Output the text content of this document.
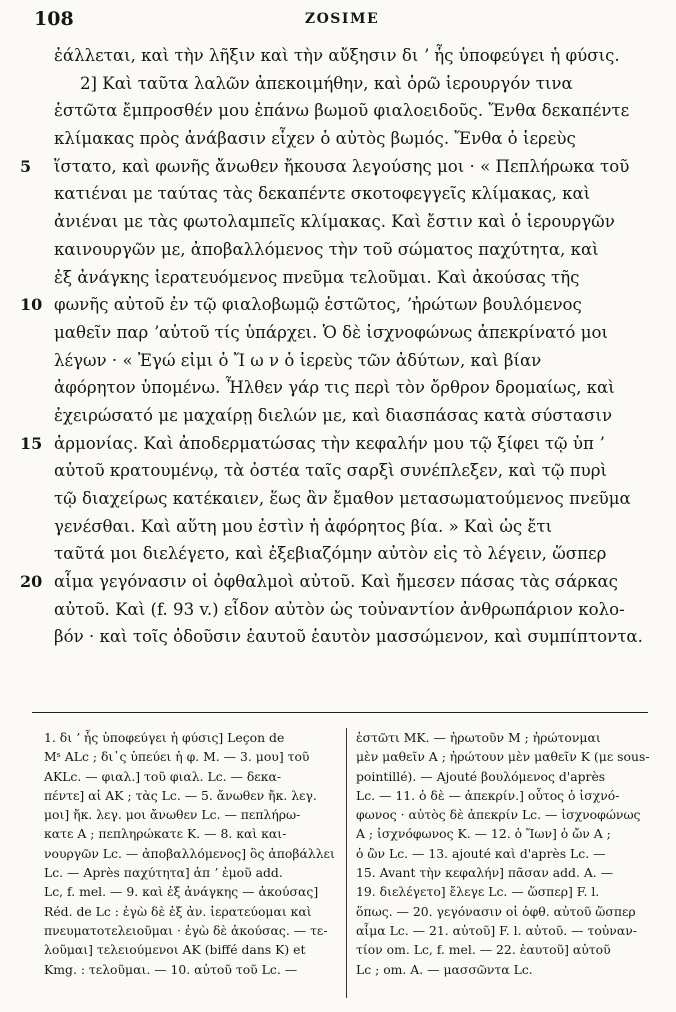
108	ZOSIME
ἐάλλεται, καὶ τὴν λῆξιν καὶ τὴν αὔξησιν δι ʼ ἧς ὑποφεύγει ἡ φύσις.
2] Καὶ ταῦτα λαλῶν ἀπεκοιμήθην, καὶ ὁρῶ ἱερουργόν τινα
ἑστῶτα ἔμπροσθέν μου ἐπάνω βωμοῦ φιαλοειδοῦς. Ἔνθα δεκαπέντε
κλίμακας πρὸς ἀνάβασιν εἶχεν ὁ αὐτὸς βωμός. Ἔνθα ὁ ἱερεὺς
5	ἵστατο, καὶ φωνῆς ἄνωθεν ἤκουσα λεγούσης μοι · « Πεπλήρωκα τοῦ
κατιέναι με ταύτας τὰς δεκαπέντε σκοτοφεγγεῖς κλίμακας, καὶ
ἀνιέναι με τὰς φωτολαμπεῖς κλίμακας. Καὶ ἔστιν καὶ ὁ ἱερουργῶν
καινουργῶν με, ἀποβαλλόμενος τὴν τοῦ σώματος παχύτητα, καὶ
ἐξ ἀνάγκης ἱερατευόμενος πνεῦμα τελοῦμαι. Καὶ ἀκούσας τῆς
10 φωνῆς αὐτοῦ ἐν τῷ φιαλοβωμῷ ἑστῶτος, ʼἠρώτων βουλόμενος
μαθεῖν παρ ʼαὐτοῦ τίς ὑπάρχει. Ὁ δὲ ἰσχνοφώνως ἀπεκρίνατό μοι
λέγων · « Ἐγώ εἰμι ὁ Ἴ ω ν ὁ ἱερεὺς τῶν ἀδύτων, καὶ βίαν
ἀφόρητον ὑπομένω. Ἦλθεν γάρ τις περὶ τὸν ὄρθρον δρομαίως, καὶ
ἐχειρώσατό με μαχαίρῃ διελών με, καὶ διασπάσας κατὰ σύστασιν
15 ἁρμονίας. Καὶ ἀποδερματώσας τὴν κεφαλήν μου τῷ ξίφει τῷ ὑπ ʼ
αὐτοῦ κρατουμένῳ, τὰ ὀστέα ταῖς σαρξὶ συνέπλεξεν, καὶ τῷ πυρὶ
τῷ διαχείρως κατέκαιεν, ἕως ἂν ἔμαθον μετασωματούμενος πνεῦμα
γενέσθαι. Καὶ αὕτη μου ἐστὶν ἡ ἀφόρητος βία. » Καὶ ὡς ἔτι
ταῦτά μοι διελέγετο, καὶ ἐξεβιαζόμην αὐτὸν εἰς τὸ λέγειν, ὥσπερ
20 αἷμα γεγόνασιν οἱ ὀφθαλμοὶ αὐτοῦ. Καὶ ἤμεσεν πάσας τὰς σάρκας
αὐτοῦ. Καὶ (f. 93 v.) εἶδον αὐτὸν ὡς τοὐναντίον ἀνθρωπάριον κολο-
βόν · καὶ τοῖς ὀδοῦσιν ἑαυτοῦ ἑαυτὸν μασσώμενον, καὶ συμπίπτοντα.
1. δι ʼ ἧς ὑποφεύγει ἡ φύσις] Leçon de
Mˢ ALc ; δι᾽ς ὑπεύει ἡ φ. M. — 3. μου] τοῦ
AKLc. — φιαλ.] τοῦ φιαλ. Lc. — δεκα-
πέντε] αἱ AK ; τὰς Lc. — 5. ἄνωθεν ἤκ. λεγ.
μοι] ἤκ. λεγ. μοι ἄνωθεν Lc. — πεπλήρω-
κατε A ; πεπληρώκατε K. — 8. καὶ και-
νουργῶν Lc. — ἀποβαλλόμενος] ὃς ἀποβάλλει
Lc. — Après παχύτητα] ἀπ ʼ ἐμοῦ add.
Lc, f. mel. — 9. καὶ ἐξ ἀνάγκης — ἀκούσας]
Réd. de Lc : ἐγὼ δὲ ἐξ ἀν. ἱερατεύομαι καὶ
πνευματοτελειοῦμαι · ἐγὼ δὲ ἀκούσας. — τε-
λοῦμαι] τελειούμενοι AK (biffé dans K) et
Kmg. : τελοῦμαι. — 10. αὐτοῦ τοῦ Lc. —
ἑστῶτι MK. — ἠρωτοῦν M ; ἠρώτονμαι
μὲν μαθεῖν A ; ἠρώτουν μὲν μαθεῖν K (με sous-
pointillé). — Ajouté βουλόμενος d'après
Lc. — 11. ὁ δὲ — ἀπεκρίν.] οὗτος ὁ ἰσχνό-
φωνος · αὐτὸς δὲ ἀπεκρίν Lc. — ἰσχνοφώνως
A ; ἰσχνόφωνος K. — 12. ὁ Ἴων] ὁ ὤν A ;
ὁ ὢν Lc. — 13. ajouté καὶ d'après Lc. —
15. Avant τὴν κεφαλήν] πᾶσαν add. A. —
19. διελέγετο] ἔλεγε Lc. — ὥσπερ] F. l.
ὅπως. — 20. γεγόνασιν οἱ ὀφθ. αὐτοῦ ὥσπερ
αἷμα Lc. — 21. αὐτοῦ] F. l. αὐτοῦ. — τοὐναν-
τίον om. Lc, f. mel. — 22. ἑαυτοῦ] αὐτοῦ
Lc ; om. A. — μασσῶντα Lc.
